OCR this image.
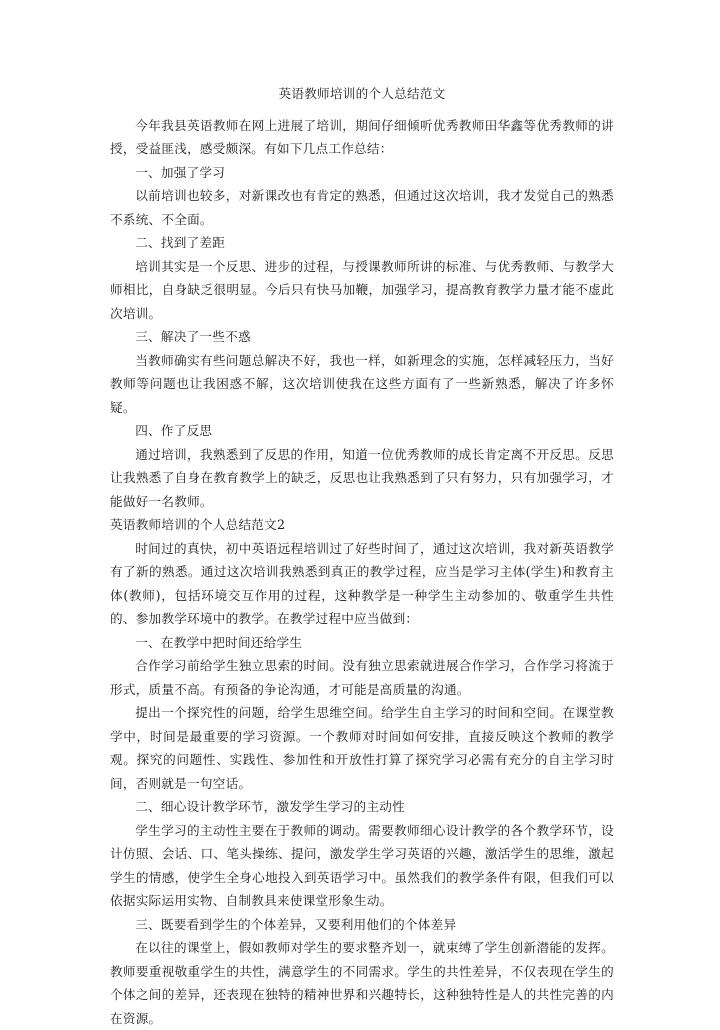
英语教师培训的个人总结范文

今年我县英语教师在网上进展了培训，期间仔细倾听优秀教师田华鑫等优秀教师的讲授，受益匪浅，感受颇深。有如下几点工作总结：

一、加强了学习

以前培训也较多，对新课改也有肯定的熟悉，但通过这次培训，我才发觉自己的熟悉不系统、不全面。

二、找到了差距

培训其实是一个反思、进步的过程，与授课教师所讲的标准、与优秀教师、与教学大师相比，自身缺乏很明显。今后只有快马加鞭，加强学习，提高教育教学力量才能不虚此次培训。

三、解决了一些不惑

当教师确实有些问题总解决不好，我也一样，如新理念的实施，怎样减轻压力，当好教师等问题也让我困惑不解，这次培训使我在这些方面有了一些新熟悉，解决了许多怀疑。

四、作了反思

通过培训，我熟悉到了反思的作用，知道一位优秀教师的成长肯定离不开反思。反思让我熟悉了自身在教育教学上的缺乏，反思也让我熟悉到了只有努力，只有加强学习，才能做好一名教师。

英语教师培训的个人总结范文2

时间过的真快，初中英语远程培训过了好些时间了，通过这次培训，我对新英语教学有了新的熟悉。通过这次培训我熟悉到真正的教学过程，应当是学习主体(学生)和教育主体(教师)，包括环境交互作用的过程，这种教学是一种学生主动参加的、敬重学生共性的、参加教学环境中的教学。在教学过程中应当做到：

一、在教学中把时间还给学生

合作学习前给学生独立思索的时间。没有独立思索就进展合作学习，合作学习将流于形式，质量不高。有预备的争论沟通，才可能是高质量的沟通。

提出一个探究性的问题，给学生思维空间。给学生自主学习的时间和空间。在课堂教学中，时间是最重要的学习资源。一个教师对时间如何安排，直接反映这个教师的教学观。探究的问题性、实践性、参加性和开放性打算了探究学习必需有充分的自主学习时间，否则就是一句空话。

二、细心设计教学环节，激发学生学习的主动性

学生学习的主动性主要在于教师的调动。需要教师细心设计教学的各个教学环节，设计仿照、会话、口、笔头操练、提问，激发学生学习英语的兴趣，激活学生的思维，激起学生的情感，使学生全身心地投入到英语学习中。虽然我们的教学条件有限，但我们可以依据实际运用实物、自制教具来使课堂形象生动。

三、既要看到学生的个体差异，又要利用他们的个体差异

在以往的课堂上，假如教师对学生的要求整齐划一，就束缚了学生创新潜能的发挥。教师要重视敬重学生的共性，满意学生的不同需求。学生的共性差异，不仅表现在学生的个体之间的差异，还表现在独特的精神世界和兴趣特长，这种独特性是人的共性完善的内在资源。
